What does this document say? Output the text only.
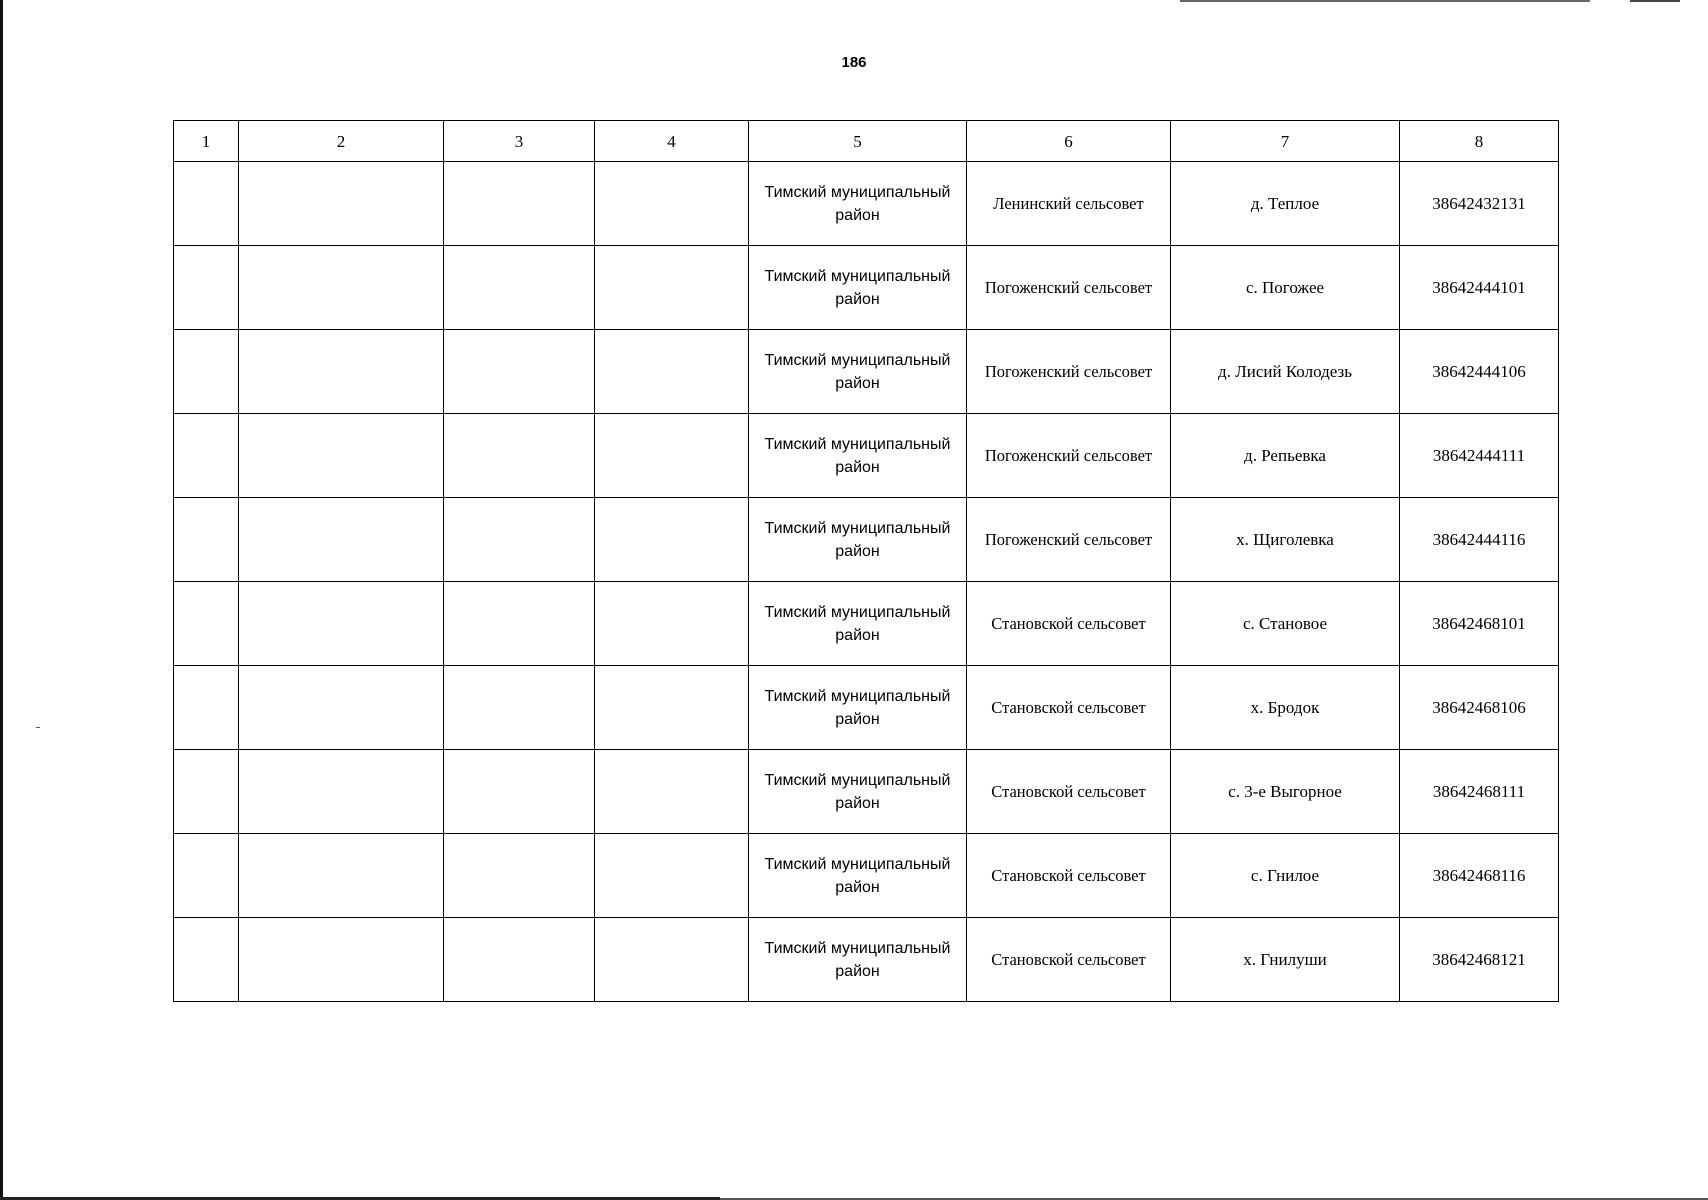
186
1	2	3	4	5	6	7	8
				Тимский муниципальный район	Ленинский сельсовет	д. Теплое	38642432131
				Тимский муниципальный район	Погоженский сельсовет	с. Погожее	38642444101
				Тимский муниципальный район	Погоженский сельсовет	д. Лисий Колодезь	38642444106
				Тимский муниципальный район	Погоженский сельсовет	д. Репьевка	38642444111
				Тимский муниципальный район	Погоженский сельсовет	х. Щиголевка	38642444116
				Тимский муниципальный район	Становской сельсовет	с. Становое	38642468101
				Тимский муниципальный район	Становской сельсовет	х. Бродок	38642468106
				Тимский муниципальный район	Становской сельсовет	с. 3-е Выгорное	38642468111
				Тимский муниципальный район	Становской сельсовет	с. Гнилое	38642468116
				Тимский муниципальный район	Становской сельсовет	х. Гнилуши	38642468121
